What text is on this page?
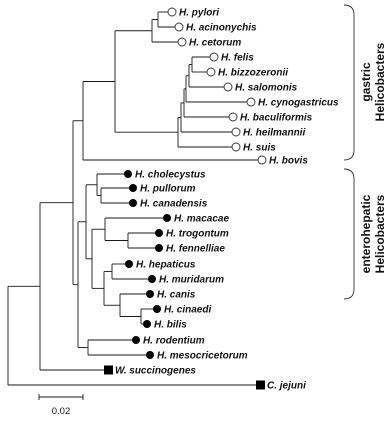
H. pylori
H. acinonychis
H. cetorum
H. felis
H. bizzozeronii
H. salomonis
H. cynogastricus
H. baculiformis
H. heilmannii
H. suis
H. bovis
H. cholecystus
H. pullorum
H. canadensis
H. macacae
H. trogontum
H. fennelliae
H. hepaticus
H. muridarum
H. canis
H. cinaedi
H. bilis
H. rodentium
H. mesocricetorum
W. succinogenes
C. jejuni
gastric Helicobacters
enterohepatic Helicobacters
0.02
